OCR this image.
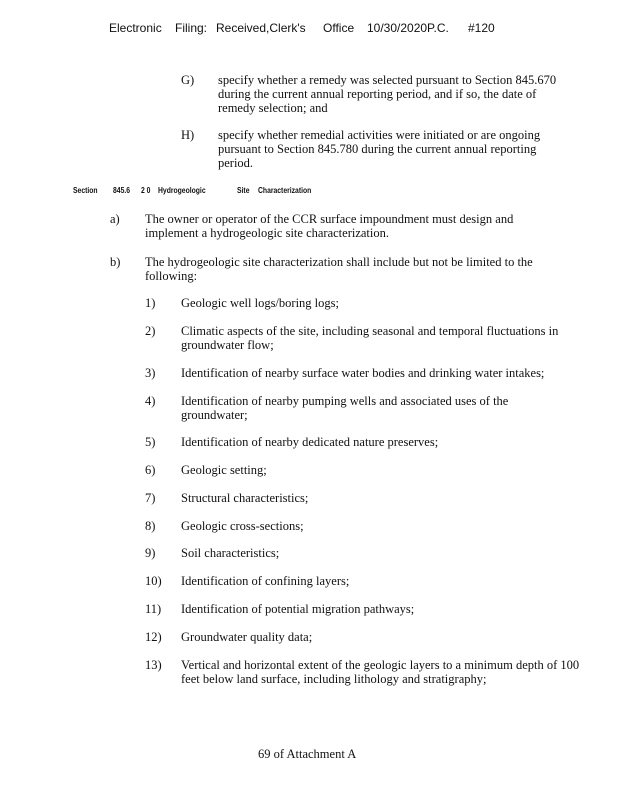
Electronic Filing: Received,Clerk's Office 10/30/2020P.C. #120
G) specify whether a remedy was selected pursuant to Section 845.670 during the current annual reporting period, and if so, the date of remedy selection; and
H) specify whether remedial activities were initiated or are ongoing pursuant to Section 845.780 during the current annual reporting period.
Section 845.6 2 0 Hydrogeologic	Site Characterization
a) The owner or operator of the CCR surface impoundment must design and implement a hydrogeologic site characterization.
b) The hydrogeologic site characterization shall include but not be limited to the following:
1) Geologic well logs/boring logs;
2) Climatic aspects of the site, including seasonal and temporal fluctuations in groundwater flow;
3) Identification of nearby surface water bodies and drinking water intakes;
4) Identification of nearby pumping wells and associated uses of the groundwater;
5) Identification of nearby dedicated nature preserves;
6) Geologic setting;
7) Structural characteristics;
8) Geologic cross-sections;
9) Soil characteristics;
10) Identification of confining layers;
11) Identification of potential migration pathways;
12) Groundwater quality data;
13) Vertical and horizontal extent of the geologic layers to a minimum depth of 100 feet below land surface, including lithology and stratigraphy;
69 of Attachment A
